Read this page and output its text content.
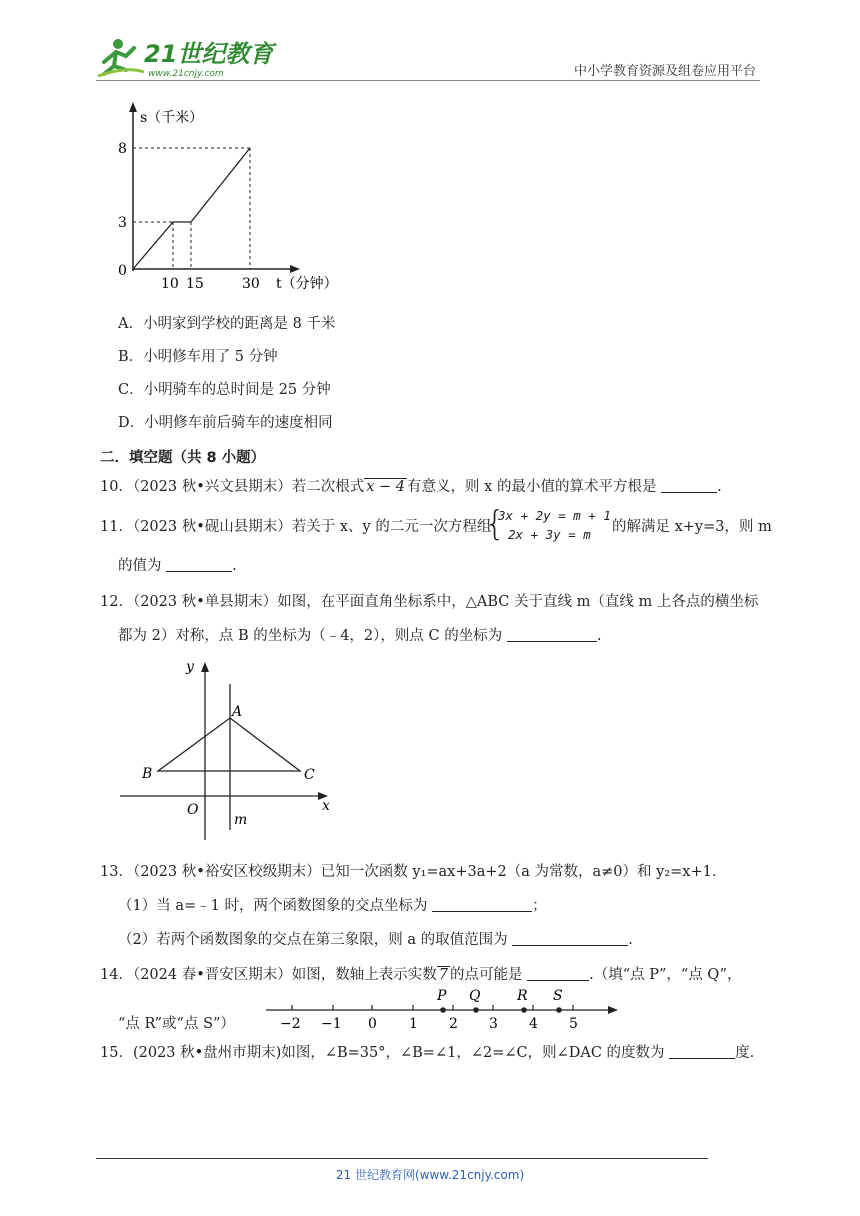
21世纪教育
www.21cnjy.com	中小学教育资源及组卷应用平台
s（千米）
8
3
0
10 15	30 t（分钟）
A．小明家到学校的距离是 8 千米
B．小明修车用了 5 分钟
C．小明骑车的总时间是 25 分钟
D．小明修车前后骑车的速度相同
二．填空题（共 8 小题）
10．（2023 秋•兴文县期末）若二次根式 x − 4 有意义，则 x 的最小值的算术平方根是	.
11．（2023 秋•砚山县期末）若关于 x、y 的二元一次方程组
{
3x + 2y = m + 1
2x + 3y = m 的解满足 x+y=3，则 m
的值为	.
12．（2023 秋•单县期末）如图，在平面直角坐标系中，△ABC 关于直线 m（直线 m 上各点的横坐标
都为 2）对称，点 B 的坐标为（﹣4，2），则点 C 的坐标为	.
y
x
O
A
B	C
m
13．（2023 秋•裕安区校级期末）已知一次函数 y₁=ax+3a+2（a 为常数，a≠0）和 y₂=x+1．
（1）当 a=﹣1 时，两个函数图象的交点坐标为	；
（2）若两个函数图象的交点在第三象限，则 a 的取值范围为	.
14．（2024 春•晋安区期末）如图，数轴上表示实数 7 的点可能是	.（填“点 P”，“点 Q”，
“点 R”或“点 S”）
P Q	R S
−2 −1 0 1 2 3 4 5
15．(2023 秋•盘州市期末)如图，∠B=35°，∠B=∠1，∠2=∠C，则∠DAC 的度数为	度.
21 世纪教育网(www.21cnjy.com)
